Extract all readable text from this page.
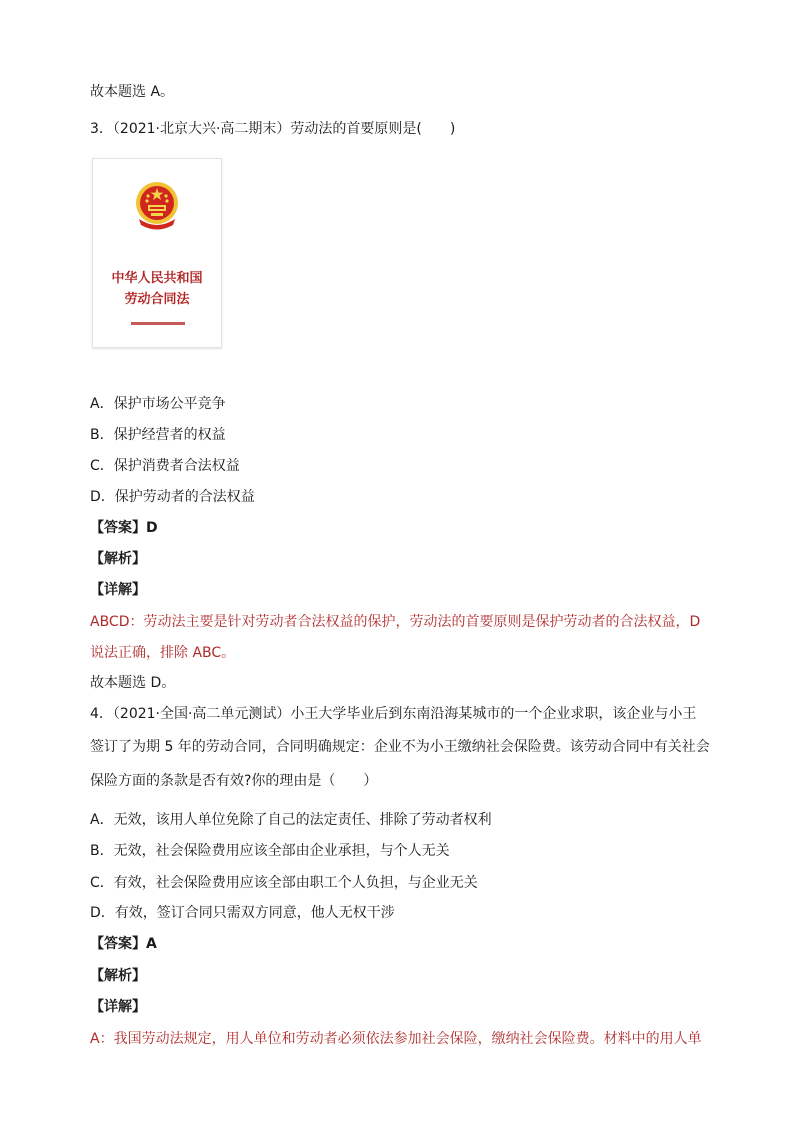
故本题选 A。
3．（2021·北京大兴·高二期末）劳动法的首要原则是(　　)
中华人民共和国
劳动合同法
A．保护市场公平竞争
B．保护经营者的权益
C．保护消费者合法权益
D．保护劳动者的合法权益
【答案】D
【解析】
【详解】
ABCD：劳动法主要是针对劳动者合法权益的保护，劳动法的首要原则是保护劳动者的合法权益，D
说法正确，排除 ABC。
故本题选 D。
4．（2021·全国·高二单元测试）小王大学毕业后到东南沿海某城市的一个企业求职，该企业与小王
签订了为期 5 年的劳动合同，合同明确规定：企业不为小王缴纳社会保险费。该劳动合同中有关社会
保险方面的条款是否有效?你的理由是（　　）
A．无效，该用人单位免除了自己的法定责任、排除了劳动者权利
B．无效，社会保险费用应该全部由企业承担，与个人无关
C．有效，社会保险费用应该全部由职工个人负担，与企业无关
D．有效，签订合同只需双方同意，他人无权干涉
【答案】A
【解析】
【详解】
A：我国劳动法规定，用人单位和劳动者必须依法参加社会保险，缴纳社会保险费。材料中的用人单
